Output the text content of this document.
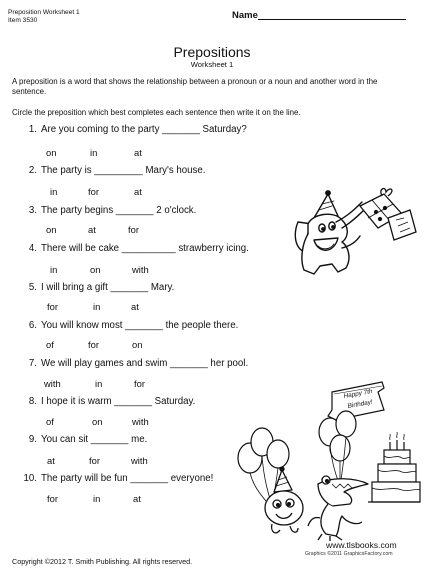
Preposition Worksheet 1
Item 3530	Name
Prepositions
Worksheet 1
A preposition is a word that shows the relationship between a pronoun or a noun and another word in the sentence.
Circle the preposition which best completes each sentence then write it on the line.
1. Are you coming to the party _______ Saturday?
on	in	at
2. The party is _________ Mary's house.
in	for	at
3. The party begins _______ 2 o'clock.
on	at	for
4. There will be cake __________ strawberry icing.
in	on	with
5. I will bring a gift _______ Mary.
for	in	at
6. You will know most _______ the people there.
of	for	on
7. We will play games and swim _______ her pool.
with	in	for
8. I hope it is warm _______ Saturday.
of	on	with
9. You can sit _______ me.
at	for	with
10. The party will be fun _______ everyone!
for	in	at
Happy 7th
Birthday!
www.tlsbooks.com
Graphics ©2011 GraphicsFactory.com
Copyright ©2012 T. Smith Publishing. All rights reserved.
